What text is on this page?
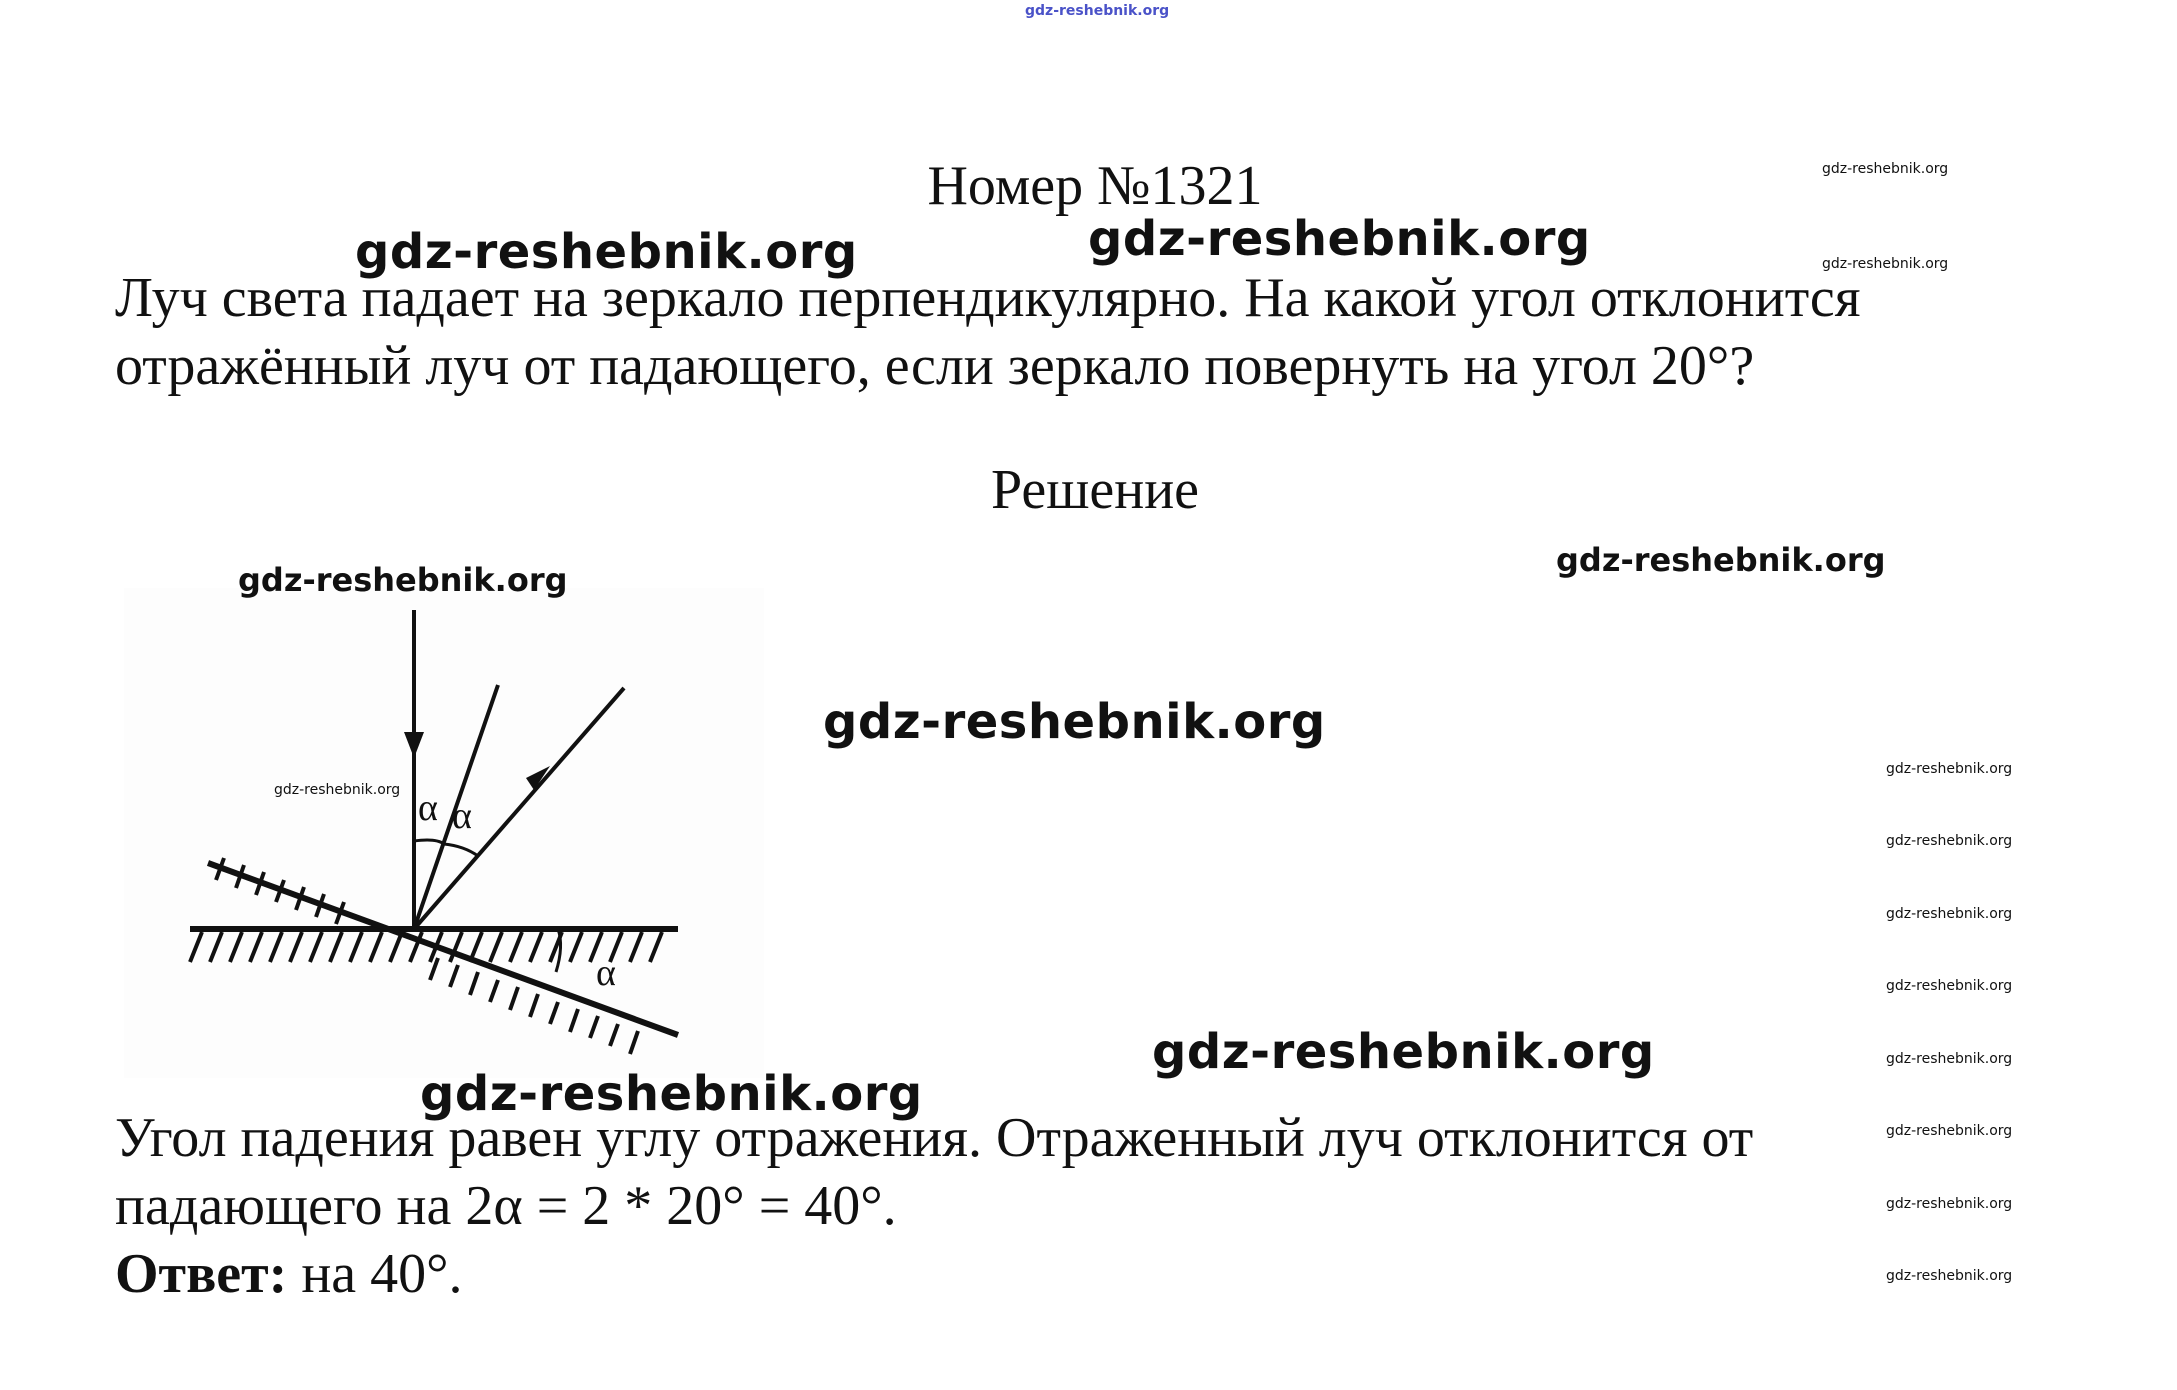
gdz-reshebnik.org
gdz-reshebnik.org
gdz-reshebnik.org
gdz-reshebnik.org	gdz-reshebnik.org
Номер №1321
Луч света падает на зеркало перпендикулярно. На какой угол отклонится
отражённый луч от падающего, если зеркало повернуть на угол 20°?
Решение
gdz-reshebnik.org
α α
α
gdz-reshebnik.org
gdz-reshebnik.org
gdz-reshebnik.org
gdz-reshebnik.org
gdz-reshebnik.org
gdz-reshebnik.org
gdz-reshebnik.org
gdz-reshebnik.org
gdz-reshebnik.org
gdz-reshebnik.org
gdz-reshebnik.org
gdz-reshebnik.org
Угол падения равен углу отражения. Отраженный луч отклонится от
gdz-reshebnik.org
падающего на 2α = 2 * 20° = 40°.
Ответ: на 40°.
